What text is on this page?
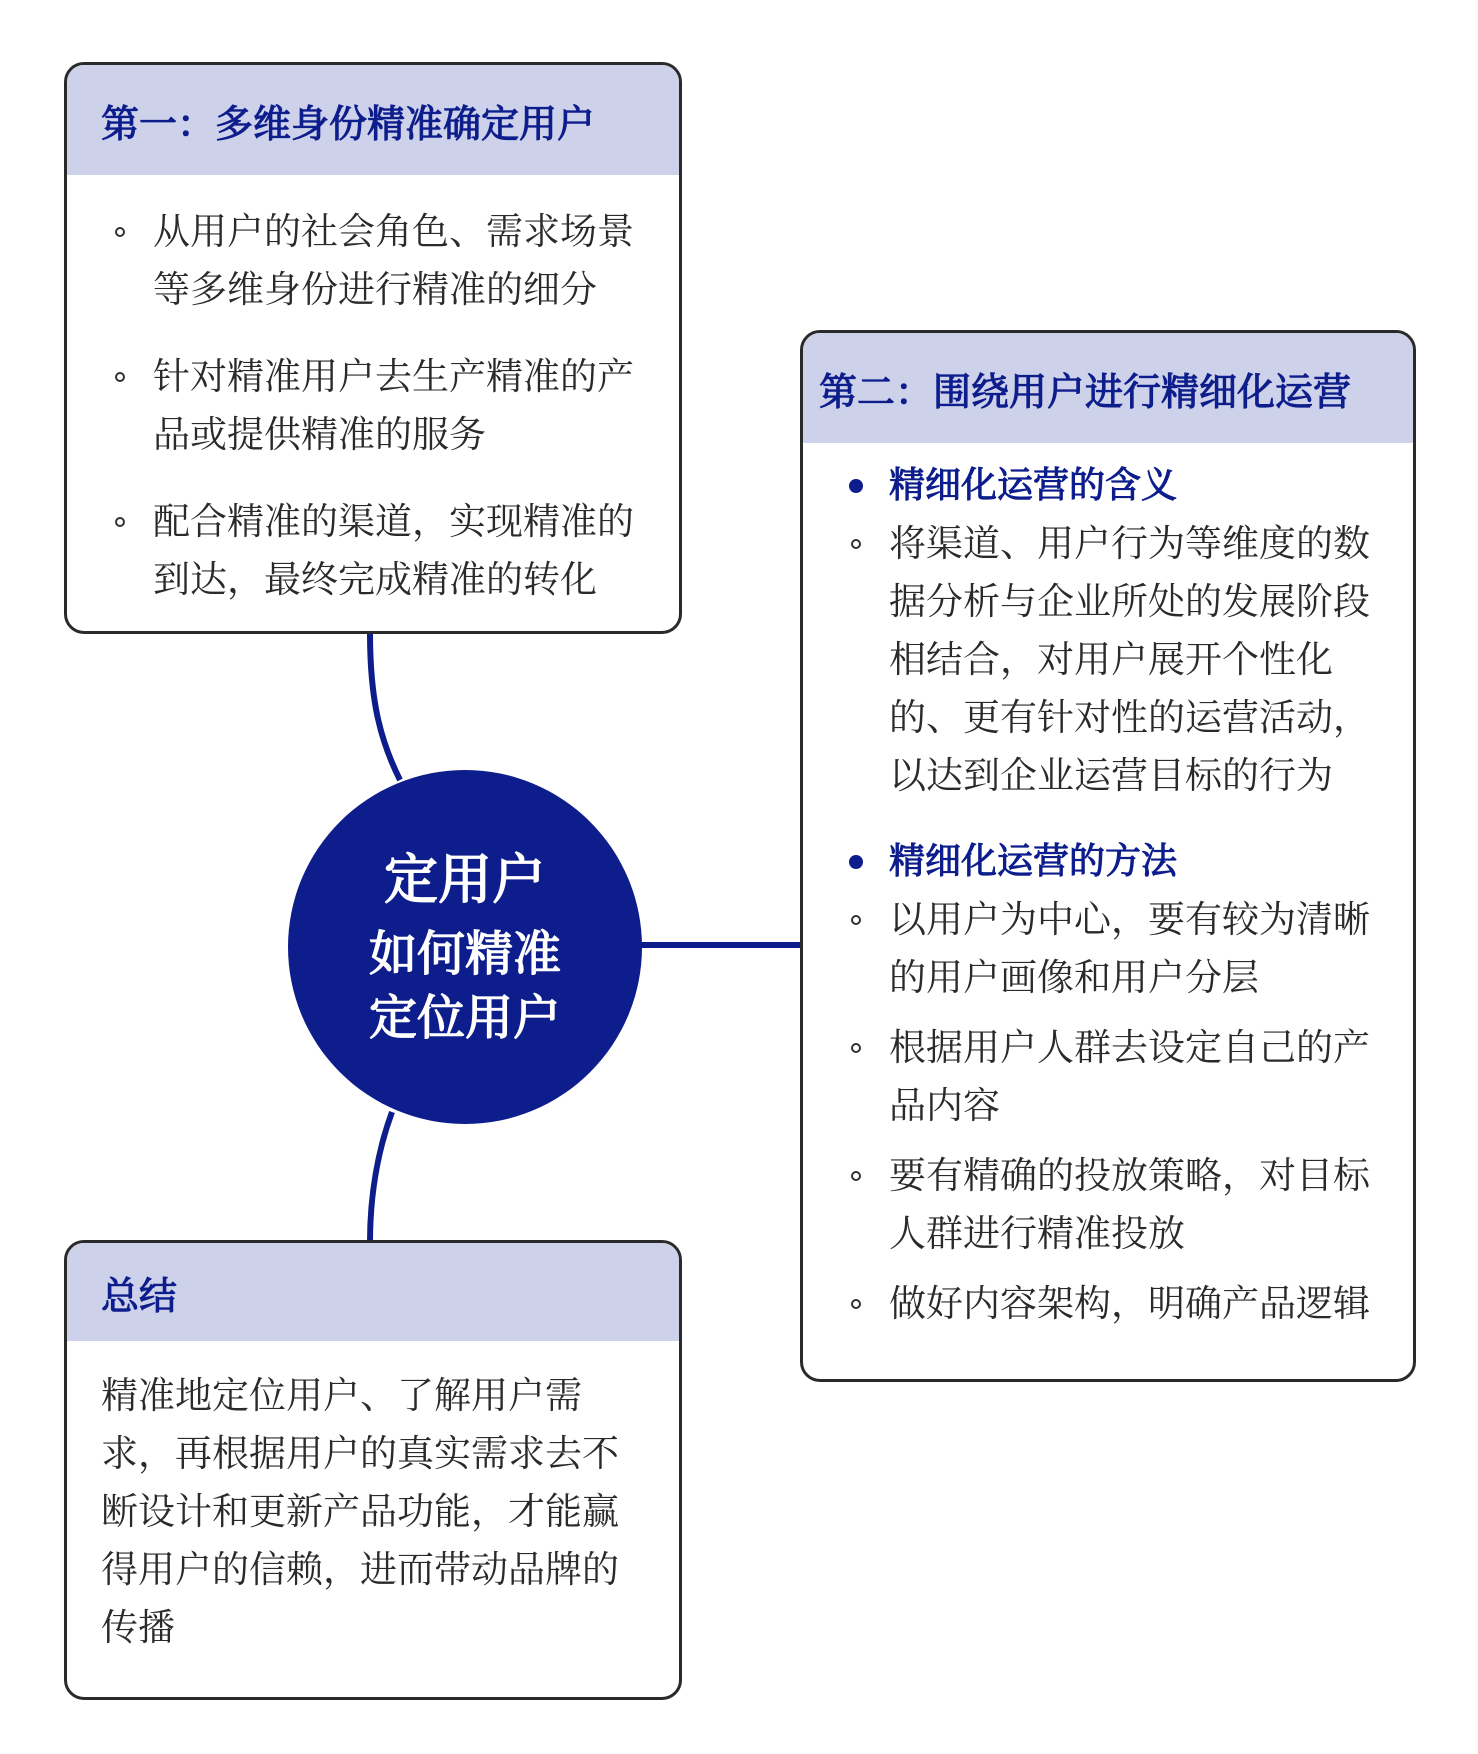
第一：多维身份精准确定用户
从用户的社会角色、需求场景等多维身份进行精准的细分
针对精准用户去生产精准的产品或提供精准的服务
配合精准的渠道，实现精准的到达，最终完成精准的转化
第二：围绕用户进行精细化运营
精细化运营的含义
将渠道、用户行为等维度的数据分析与企业所处的发展阶段相结合，对用户展开个性化的、更有针对性的运营活动，以达到企业运营目标的行为
精细化运营的方法
以用户为中心，要有较为清晰的用户画像和用户分层
根据用户人群去设定自己的产品内容
要有精确的投放策略，对目标人群进行精准投放
做好内容架构，明确产品逻辑
定用户
如何精准
定位用户
总结
精准地定位用户、了解用户需求，再根据用户的真实需求去不断设计和更新产品功能，才能赢得用户的信赖，进而带动品牌的传播
